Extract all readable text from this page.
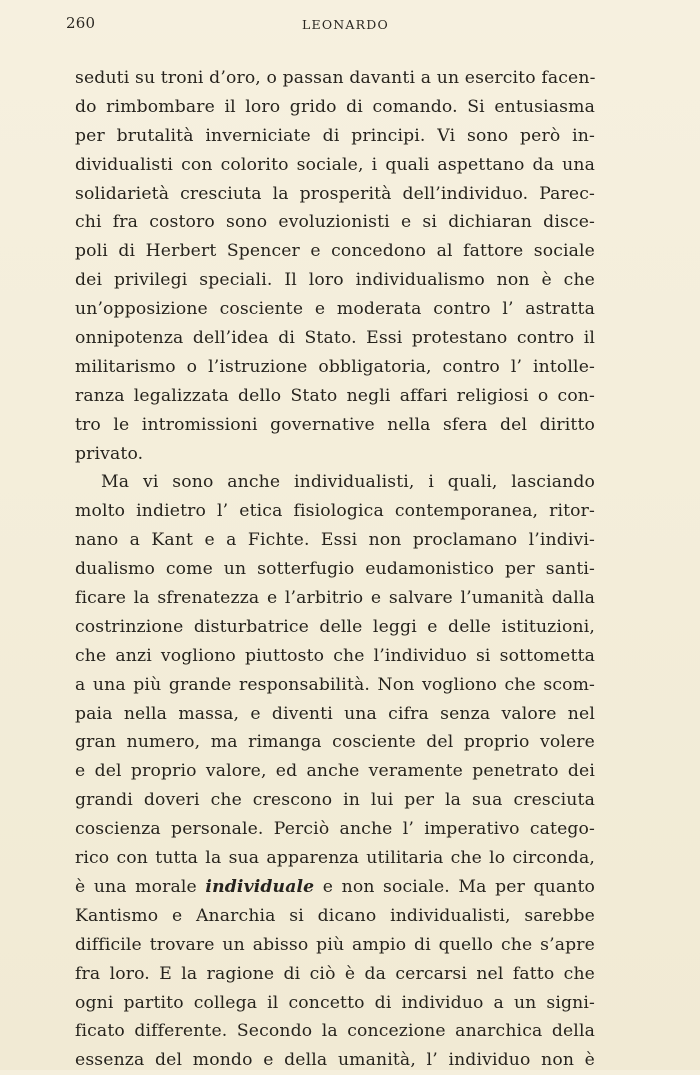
260	LEONARDO
seduti su troni d’oro, o passan davanti a un esercito facen-
do rimbombare il loro grido di comando. Si entusiasma
per brutalità inverniciate di principi. Vi sono però in-
dividualisti con colorito sociale, i quali aspettano da una
solidarietà cresciuta la prosperità dell’individuo. Parec-
chi fra costoro sono evoluzionisti e si dichiaran disce-
poli di Herbert Spencer e concedono al fattore sociale
dei privilegi speciali. Il loro individualismo non è che
un’opposizione cosciente e moderata contro l’ astratta
onnipotenza dell’idea di Stato. Essi protestano contro il
militarismo o l’istruzione obbligatoria, contro l’ intolle-
ranza legalizzata dello Stato negli affari religiosi o con-
tro le intromissioni governative nella sfera del diritto
privato.
Ma vi sono anche individualisti, i quali, lasciando
molto indietro l’ etica fisiologica contemporanea, ritor-
nano a Kant e a Fichte. Essi non proclamano l’indivi-
dualismo come un sotterfugio eudamonistico per santi-
ficare la sfrenatezza e l’arbitrio e salvare l’umanità dalla
costrinzione disturbatrice delle leggi e delle istituzioni,
che anzi vogliono piuttosto che l’individuo si sottometta
a una più grande responsabilità. Non vogliono che scom-
paia nella massa, e diventi una cifra senza valore nel
gran numero, ma rimanga cosciente del proprio volere
e del proprio valore, ed anche veramente penetrato dei
grandi doveri che crescono in lui per la sua cresciuta
coscienza personale. Perciò anche l’ imperativo catego-
rico con tutta la sua apparenza utilitaria che lo circonda,
è una morale individuale e non sociale. Ma per quanto
Kantismo e Anarchia si dicano individualisti, sarebbe
difficile trovare un abisso più ampio di quello che s’apre
fra loro. E la ragione di ciò è da cercarsi nel fatto che
ogni partito collega il concetto di individuo a un signi-
ficato differente. Secondo la concezione anarchica della
essenza del mondo e della umanità, l’ individuo non è
